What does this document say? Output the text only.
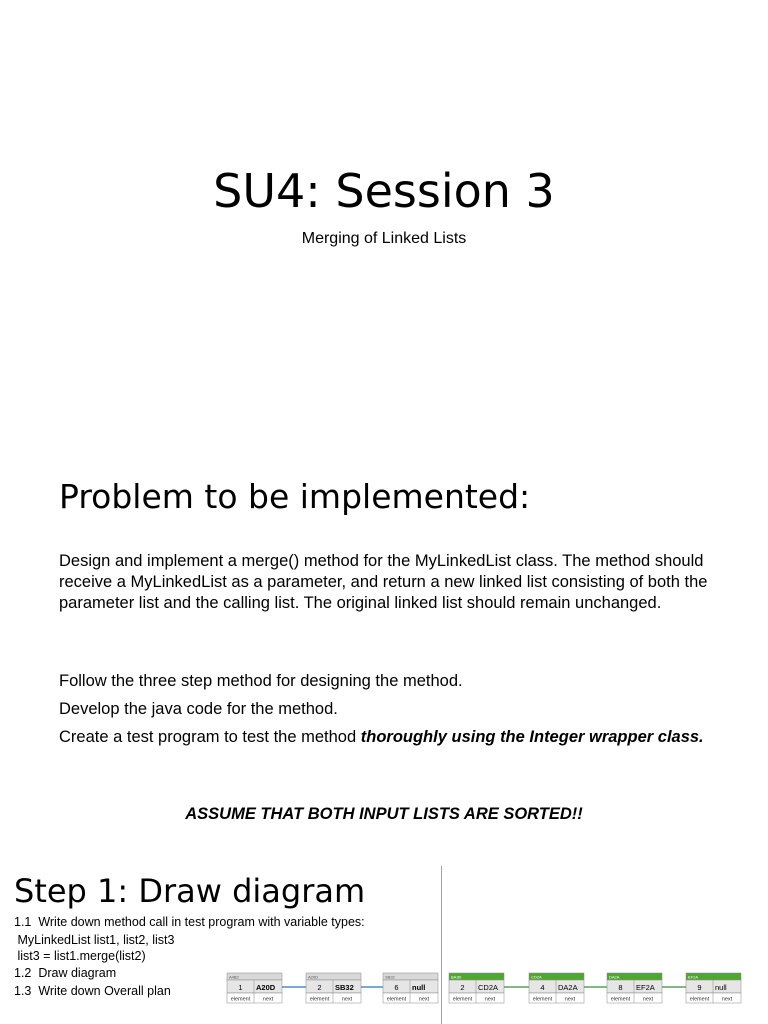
SU4: Session 3
Merging of Linked Lists
Problem to be implemented:
Design and implement a merge() method for the MyLinkedList class. The method should receive a MyLinkedList as a parameter, and return a new linked list consisting of both the parameter list and the calling list. The original linked list should remain unchanged.
Follow the three step method for designing the method.
Develop the java code for the method.
Create a test program to test the method thoroughly using the Integer wrapper class.
ASSUME THAT BOTH INPUT LISTS ARE SORTED!!
Step 1: Draw diagram
1.1  Write down method call in test program with variable types:
MyLinkedList list1, list2, list3
list3 = list1.merge(list2)
1.2  Draw diagram
1.3  Write down Overall plan
A4B2
1 A20D
element next
A20D
2 SB32
element next
SB32
6 null
element next
BA3D
2 CD2A
element next
CD2A
4 DA2A
element next
DA2A
8 EF2A
element next
EF2A
9 null
element next
